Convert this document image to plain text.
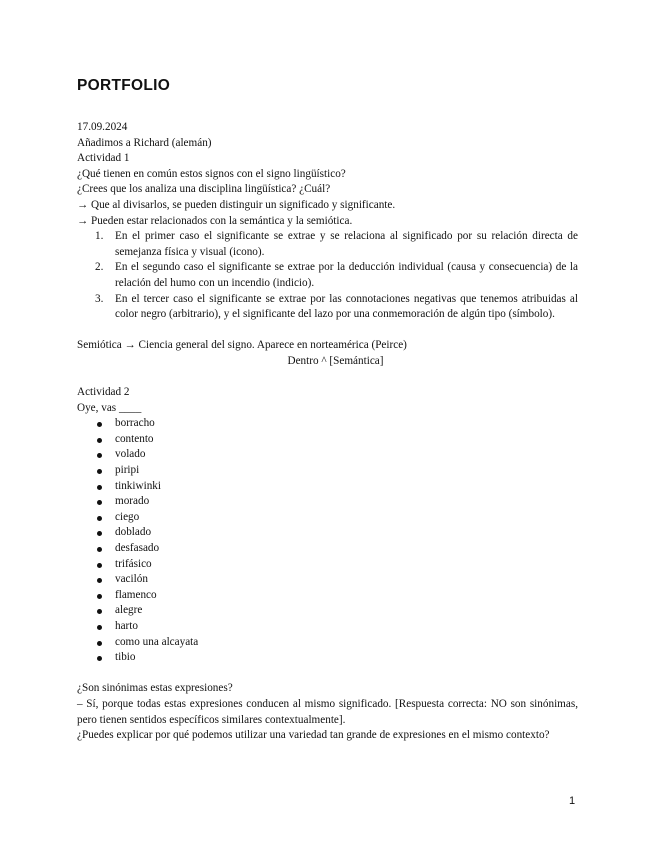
PORTFOLIO
17.09.2024
Añadimos a Richard (alemán)
Actividad 1
¿Qué tienen en común estos signos con el signo lingüístico?
¿Crees que los analiza una disciplina lingüística? ¿Cuál?
→ Que al divisarlos, se pueden distinguir un significado y significante.
→ Pueden estar relacionados con la semántica y la semiótica.
1. En el primer caso el significante se extrae y se relaciona al significado por su relación directa de semejanza física y visual (icono).
2. En el segundo caso el significante se extrae por la deducción individual (causa y consecuencia) de la relación del humo con un incendio (indicio).
3. En el tercer caso el significante se extrae por las connotaciones negativas que tenemos atribuidas al color negro (arbitrario), y el significante del lazo por una conmemoración de algún tipo (símbolo).
Semiótica → Ciencia general del signo. Aparece en norteamérica (Peirce)
Dentro ^ [Semántica]
Actividad 2
Oye, vas ____
borracho
contento
volado
piripi
tinkiwinki
morado
ciego
doblado
desfasado
trifásico
vacilón
flamenco
alegre
harto
como una alcayata
tibio
¿Son sinónimas estas expresiones?
– Sí, porque todas estas expresiones conducen al mismo significado. [Respuesta correcta: NO son sinónimas, pero tienen sentidos específicos similares contextualmente].
¿Puedes explicar por qué podemos utilizar una variedad tan grande de expresiones en el mismo contexto?
1
